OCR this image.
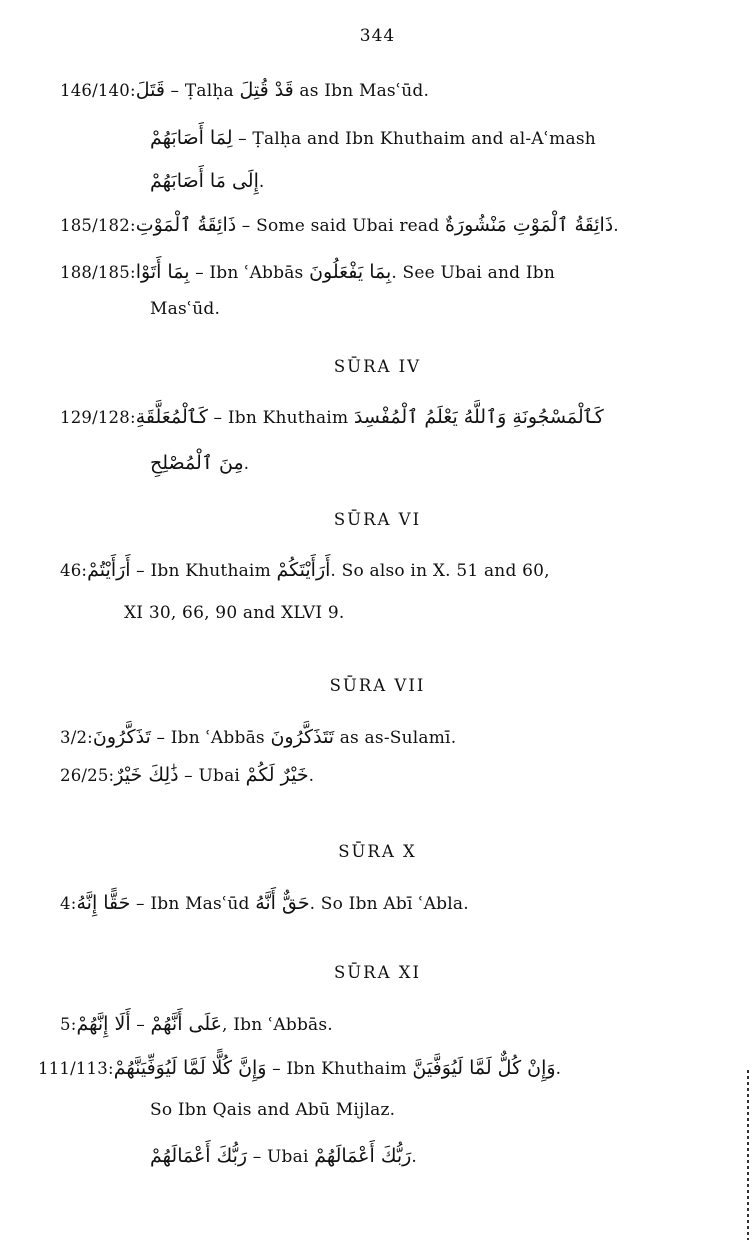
344
146/140:قَتَلَ – Ṭalḥa قَدْ قُتِلَ as Ibn Masʿūd.
لِمَا أَصَابَهُمْ – Ṭalḥa and Ibn Khuthaim and al-Aʿmash
إِلَى مَا أَصَابَهُمْ.
185/182:ذَائِقَةُ ٱلْمَوْتِ – Some said Ubai read ذَائِقَةُ ٱلْمَوْتِ مَنْشُورَةٌ.
188/185:بِمَا أَتَوْا – Ibn ʿAbbās بِمَا يَفْعَلُونَ. See Ubai and Ibn
Masʿūd.
SŪRA IV
129/128:كَٱلْمُعَلَّقَةِ – Ibn Khuthaim كَٱلْمَسْجُونَةِ وَٱللَّهُ يَعْلَمُ ٱلْمُفْسِدَ
مِنَ ٱلْمُصْلِحِ.
SŪRA VI
46:أَرَأَيْتُمْ – Ibn Khuthaim أَرَأَيْتَكُمْ. So also in X. 51 and 60,
XI 30, 66, 90 and XLVI 9.
SŪRA VII
3/2:تَذَكَّرُونَ – Ibn ʿAbbās تَتَذَكَّرُونَ as as-Sulamī.
26/25:ذَٰلِكَ خَيْرٌ – Ubai خَيْرٌ لَكُمْ.
SŪRA X
4:حَقًّا إِنَّهُ – Ibn Masʿūd حَقٌّ أَنَّهُ. So Ibn Abī ʿAbla.
SŪRA XI
5:أَلَا إِنَّهُمْ – عَلَى أَنَّهُمْ, Ibn ʿAbbās.
111/113:وَإِنَّ كُلًّا لَمَّا لَيُوَفِّيَنَّهُمْ – Ibn Khuthaim وَإِنْ كُلٌّ لَمَّا لَيُوَفَّيَنَّ.
So Ibn Qais and Abū Mijlaz.
رَبُّكَ أَعْمَالَهُمْ – Ubai رَبُّكَ أَعْمَالَهُمْ.
